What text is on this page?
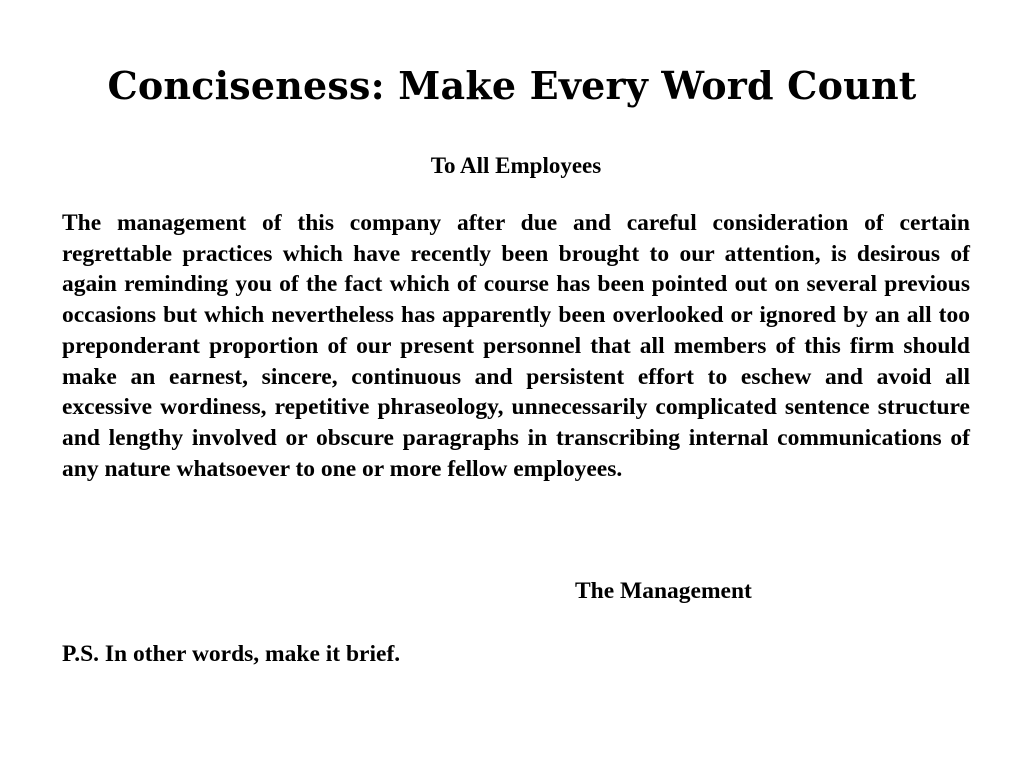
Conciseness: Make Every Word Count

To All Employees

The management of this company after due and careful consideration of certain regrettable practices which have recently been brought to our attention, is desirous of again reminding you of the fact which of course has been pointed out on several previous occasions but which nevertheless has apparently been overlooked or ignored by an all too preponderant proportion of our present personnel that all members of this firm should make an earnest, sincere, continuous and persistent effort to eschew and avoid all excessive wordiness, repetitive phraseology, unnecessarily complicated sentence structure and lengthy involved or obscure paragraphs in transcribing internal communications of any nature whatsoever to one or more fellow employees.

The Management

P.S. In other words, make it brief.
